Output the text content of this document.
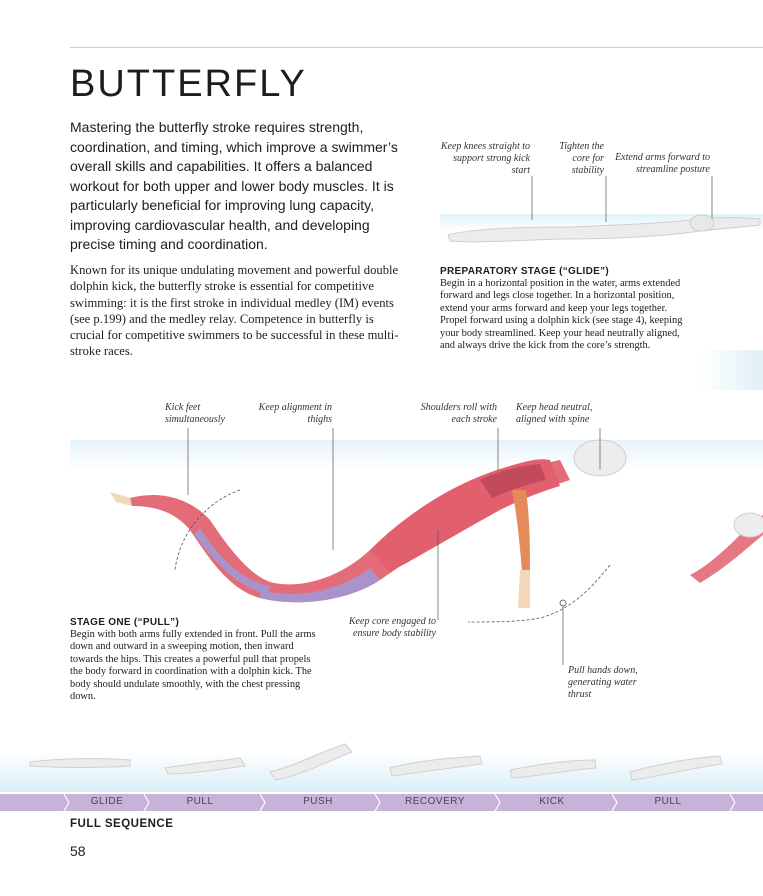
BUTTERFLY

Mastering the butterfly stroke requires strength, coordination, and timing, which improve a swimmer’s overall skills and capabilities. It offers a balanced workout for both upper and lower body muscles. It is particularly beneficial for improving lung capacity, improving cardiovascular health, and developing precise timing and coordination.

Known for its unique undulating movement and powerful double dolphin kick, the butterfly stroke is essential for competitive swimming: it is the first stroke in individual medley (IM) events (see p.199) and the medley relay. Competence in butterfly is crucial for competitive swimmers to be successful in these multi-stroke races.

Keep knees straight to support strong kick start

Tighten the core for stability

Extend arms forward to streamline posture

PREPARATORY STAGE (“GLIDE”)

Begin in a horizontal position in the water, arms extended forward and legs close together. In a horizontal position, extend your arms forward and keep your legs together. Propel forward using a dolphin kick (see stage 4), keeping your body streamlined. Keep your head neutrally aligned, and always drive the kick from the core’s strength.

Kick feet simultaneously

Keep alignment in thighs

Shoulders roll with each stroke

Keep head neutral, aligned with spine

Keep core engaged to ensure body stability

Pull hands down, generating water thrust

STAGE ONE (“PULL”)

Begin with both arms fully extended in front. Pull the arms down and outward in a sweeping motion, then inward towards the hips. This creates a powerful pull that propels the body forward in coordination with a dolphin kick. The body should undulate smoothly, with the chest pressing down.

GLIDE	PULL	PUSH	RECOVERY	KICK	PULL

FULL SEQUENCE

58
